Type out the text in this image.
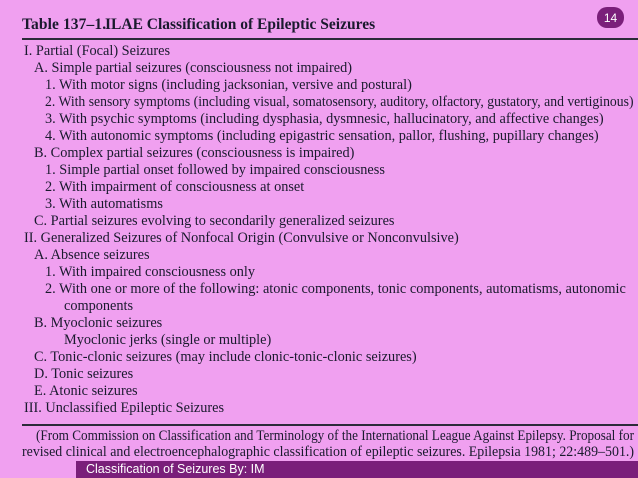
Table 137–1.
ILAE Classification of Epileptic Seizures	14
I. Partial (Focal) Seizures
A. Simple partial seizures (consciousness not impaired)
1. With motor signs (including jacksonian, versive and postural)
2. With sensory symptoms (including visual, somatosensory, auditory, olfactory, gustatory, and vertiginous)
3. With psychic symptoms (including dysphasia, dysmnesic, hallucinatory, and affective changes)
4. With autonomic symptoms (including epigastric sensation, pallor, flushing, pupillary changes)
B. Complex partial seizures (consciousness is impaired)
1. Simple partial onset followed by impaired consciousness
2. With impairment of consciousness at onset
3. With automatisms
C. Partial seizures evolving to secondarily generalized seizures
II. Generalized Seizures of Nonfocal Origin (Convulsive or Nonconvulsive)
A. Absence seizures
1. With impaired consciousness only
2. With one or more of the following: atonic components, tonic components, automatisms, autonomic
components
B. Myoclonic seizures
Myoclonic jerks (single or multiple)
C. Tonic-clonic seizures (may include clonic-tonic-clonic seizures)
D. Tonic seizures
E. Atonic seizures
III. Unclassified Epileptic Seizures
(From Commission on Classification and Terminology of the International League Against Epilepsy. Proposal for
revised clinical and electroencephalographic classification of epileptic seizures. Epilepsia 1981; 22:489–501.)
Classification of Seizures By: IM
